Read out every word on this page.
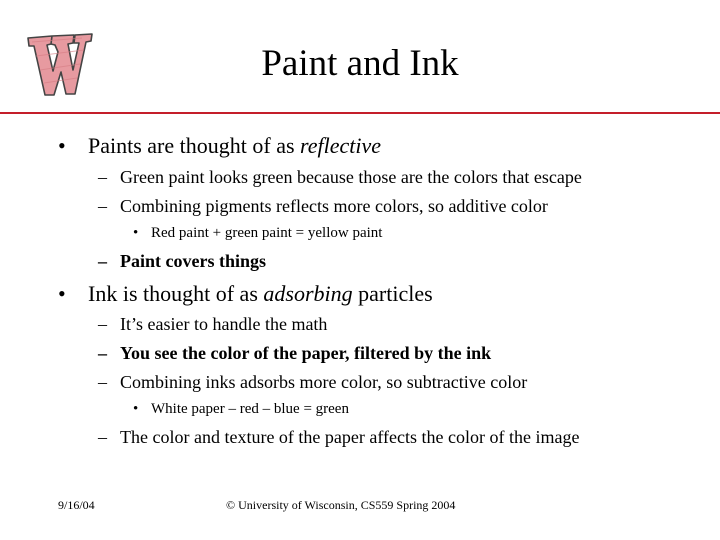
Paint and Ink
• Paints are thought of as reflective
– Green paint looks green because those are the colors that escape
– Combining pigments reflects more colors, so additive color
• Red paint + green paint = yellow paint
– Paint covers things
• Ink is thought of as adsorbing particles
– It’s easier to handle the math
– You see the color of the paper, filtered by the ink
– Combining inks adsorbs more color, so subtractive color
• White paper – red – blue = green
– The color and texture of the paper affects the color of the image
9/16/04	© University of Wisconsin, CS559 Spring 2004
